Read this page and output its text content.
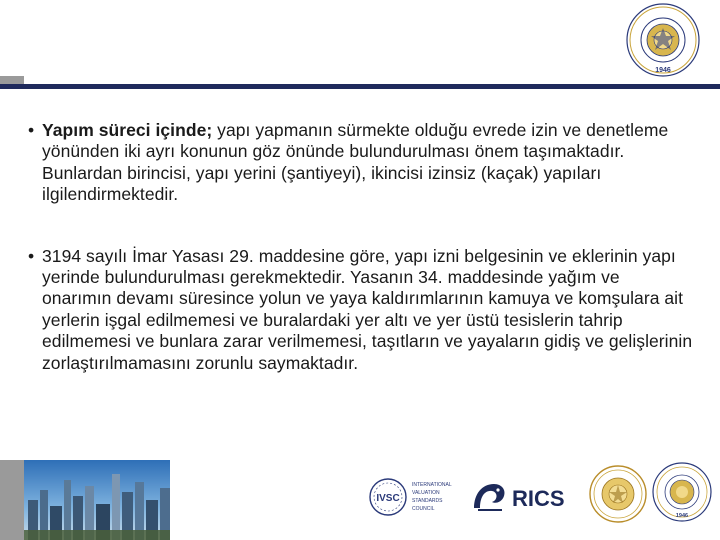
1946
• Yapım süreci içinde; yapı yapmanın sürmekte olduğu evrede izin ve denetleme yönünden iki ayrı konunun göz önünde bulundurulması önem taşımaktadır. Bunlardan birincisi, yapı yerini (şantiyeyi), ikincisi izinsiz (kaçak) yapıları ilgilendirmektedir.

• 3194 sayılı İmar Yasası 29. maddesine göre, yapı izni belgesinin ve eklerinin yapı yerinde bulundurulması gerekmektedir. Yasanın 34. maddesinde yağım ve onarımın devamı süresince yolun ve yaya kaldırımlarının kamuya ve komşulara ait yerlerin işgal edilmemesi ve buralardaki yer altı ve yer üstü tesislerin tahrip edilmemesi ve bunlara zarar verilmemesi, taşıtların ve yayaların gidiş ve gelişlerinin zorlaştırılmamasını zorunlu saymaktadır.

IVSC
INTERNATIONAL
VALUATION
STANDARDS
COUNCIL	RICS
1946
